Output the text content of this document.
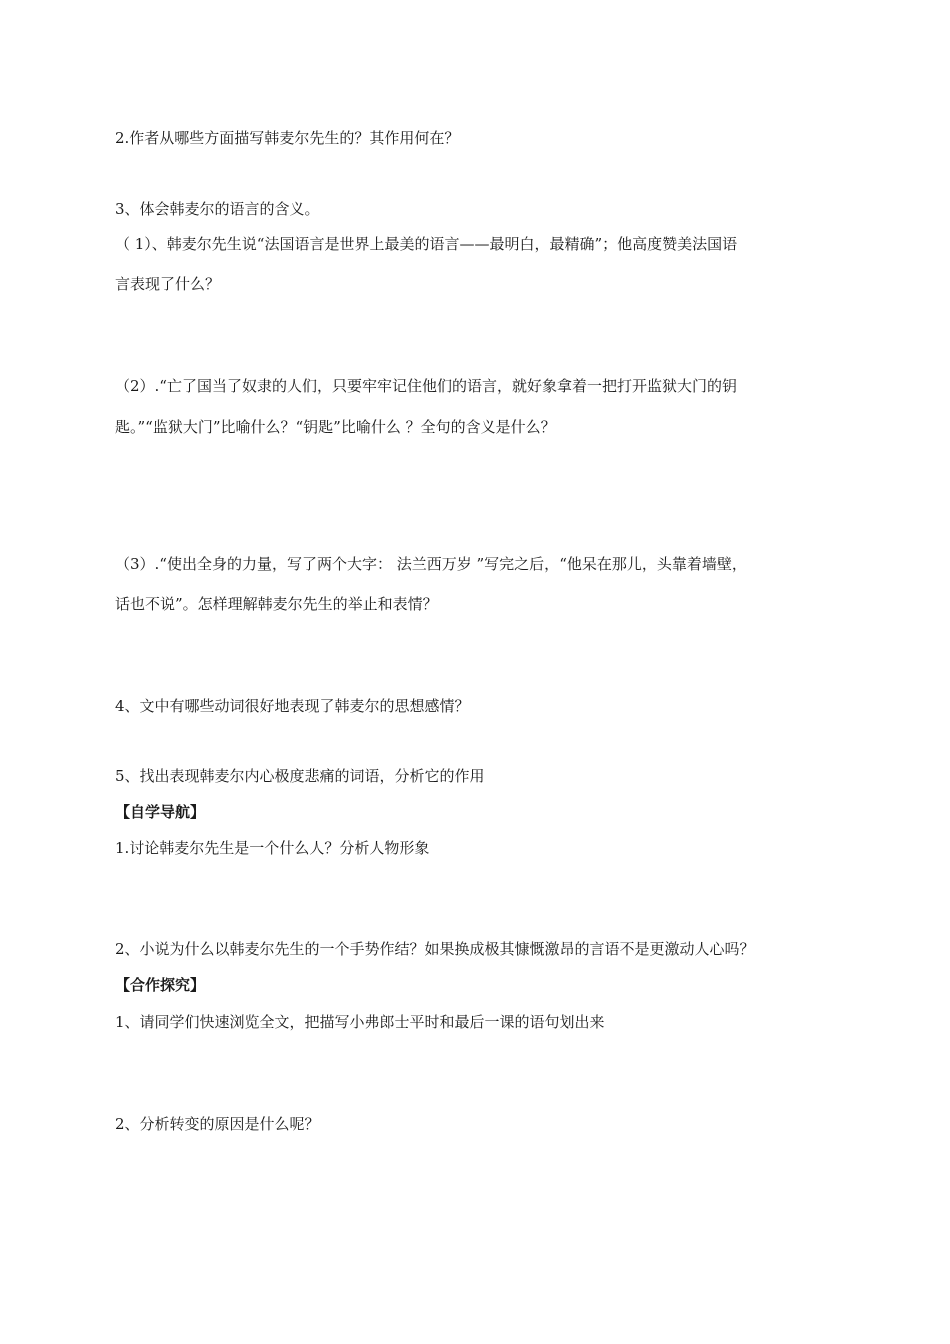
2.作者从哪些方面描写韩麦尔先生的？其作用何在？
3、体会韩麦尔的语言的含义。
（ 1）、韩麦尔先生说“法国语言是世界上最美的语言——最明白，最精确”；他高度赞美法国语
言表现了什么？
（2）.“亡了国当了奴隶的人们，只要牢牢记住他们的语言，就好象拿着一把打开监狱大门的钥
匙。”“监狱大门”比喻什么？“钥匙”比喻什么 ？全句的含义是什么？
（3）.“使出全身的力量，写了两个大字： 法兰西万岁 ”写完之后，“他呆在那儿，头靠着墙壁，
话也不说”。怎样理解韩麦尔先生的举止和表情？
4、文中有哪些动词很好地表现了韩麦尔的思想感情？
5、找出表现韩麦尔内心极度悲痛的词语，分析它的作用
【自学导航】
1.讨论韩麦尔先生是一个什么人？分析人物形象
2、小说为什么以韩麦尔先生的一个手势作结？如果换成极其慷慨激昂的言语不是更激动人心吗？
【合作探究】
1、请同学们快速浏览全文，把描写小弗郎士平时和最后一课的语句划出来
2、分析转变的原因是什么呢？
